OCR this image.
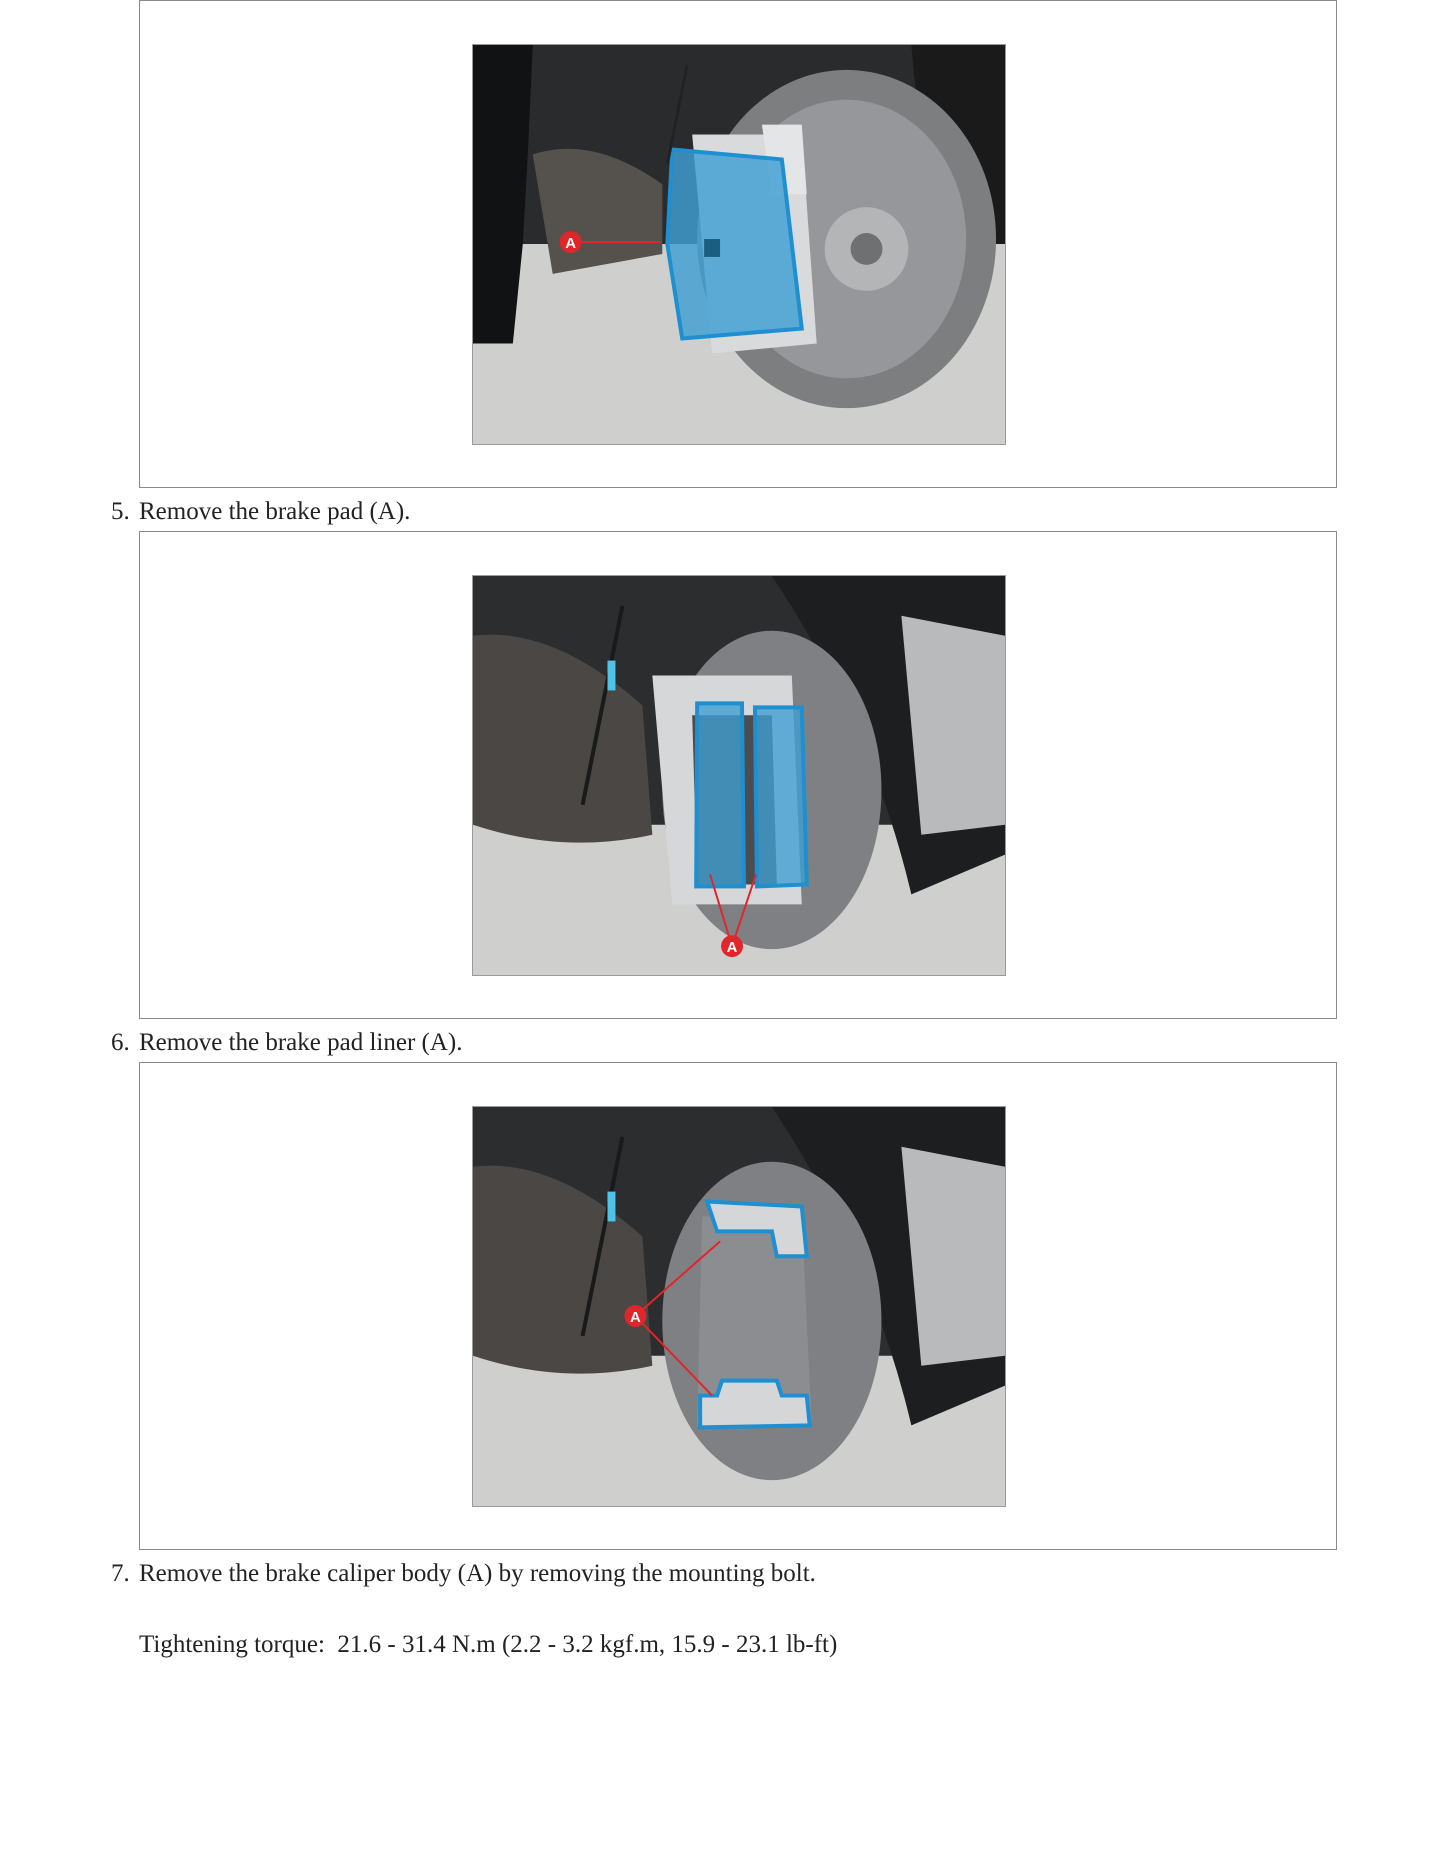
A
5. Remove the brake pad (A).
A
6. Remove the brake pad liner (A).
A
7. Remove the brake caliper body (A) by removing the mounting bolt.
Tightening torque: 21.6 - 31.4 N.m (2.2 - 3.2 kgf.m, 15.9 - 23.1 lb-ft)
